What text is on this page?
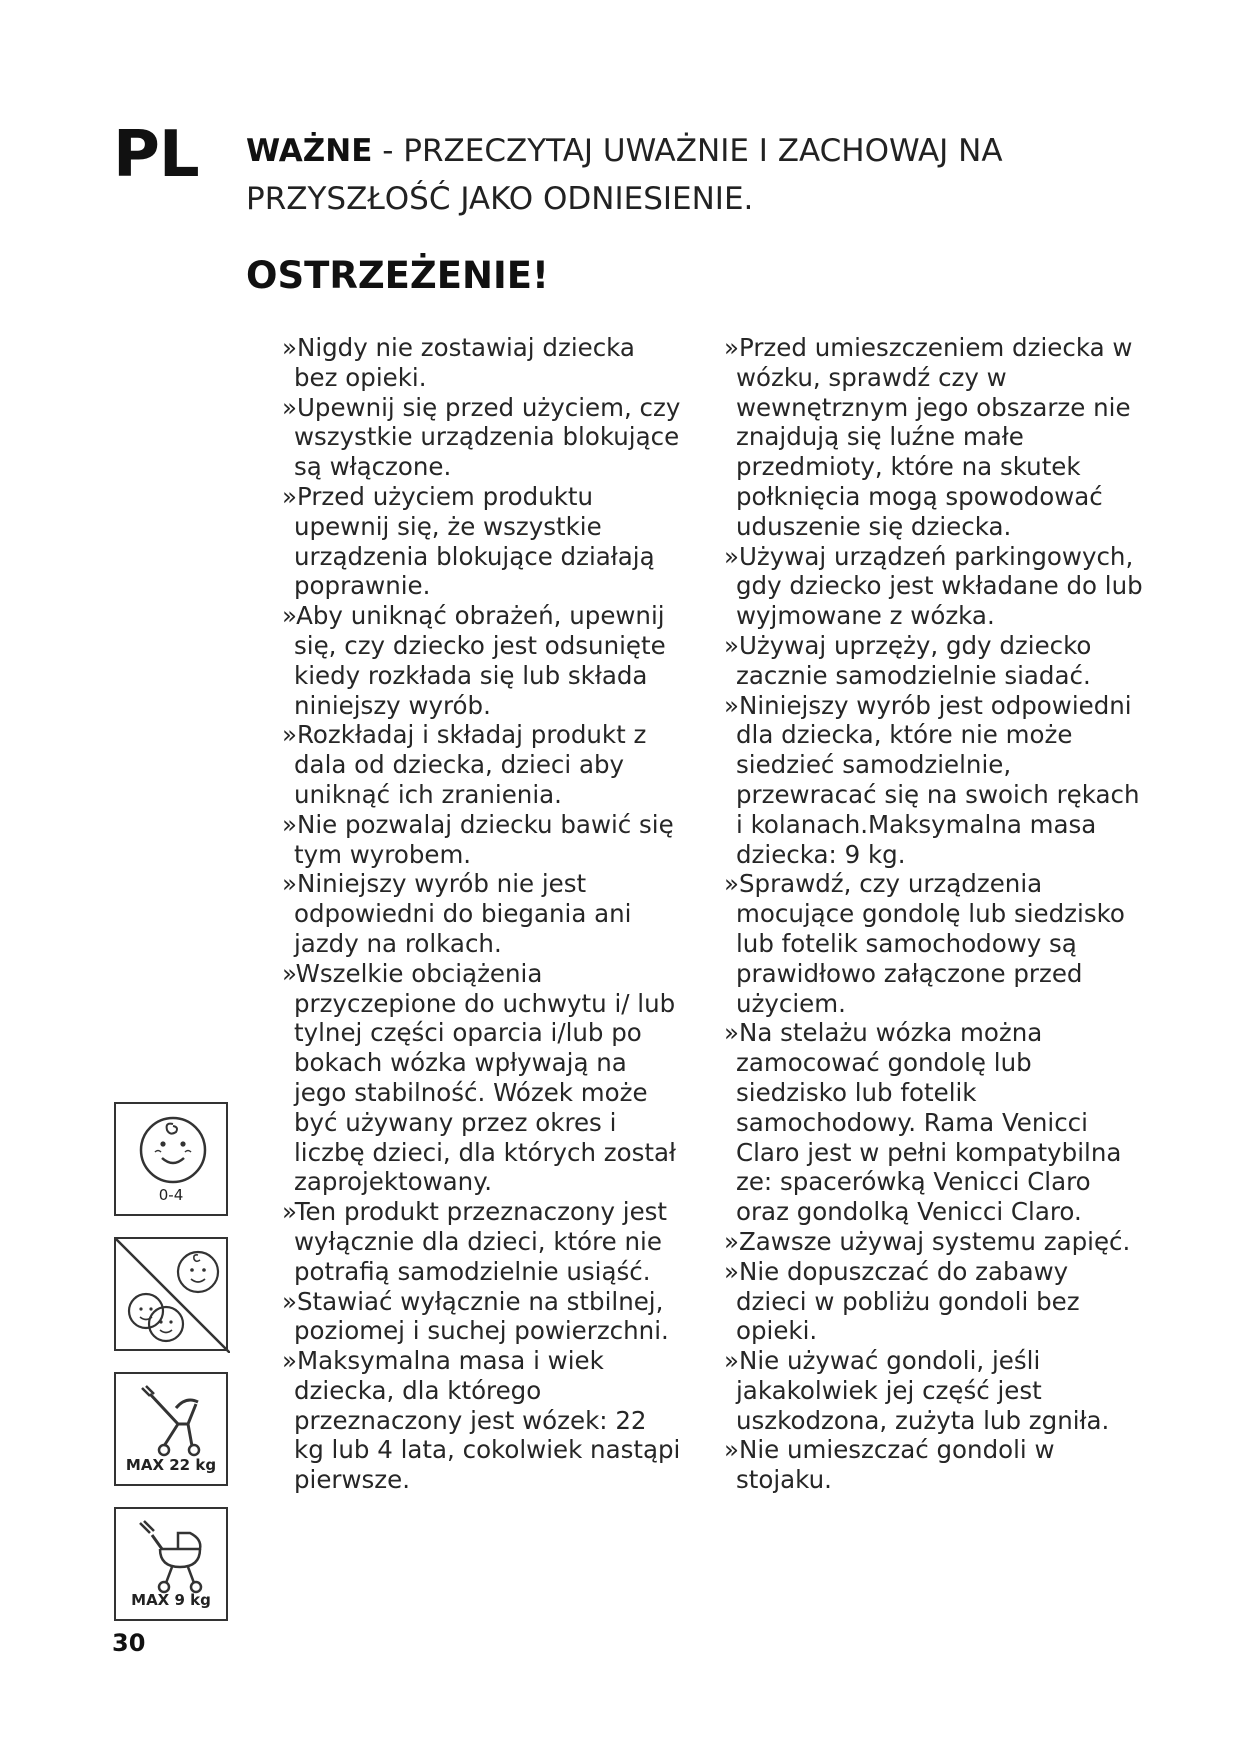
PL WAŻNE - PRZECZYTAJ UWAŻNIE I ZACHOWAJ NA PRZYSZŁOŚĆ JAKO ODNIESIENIE.
OSTRZEŻENIE!
» Nigdy nie zostawiaj dziecka bez opieki.
» Upewnij się przed użyciem, czy wszystkie urządzenia blokujące są włączone.
» Przed użyciem produktu upewnij się, że wszystkie urządzenia blokujące działają poprawnie.
» Aby uniknąć obrażeń, upewnij się, czy dziecko jest odsunięte kiedy rozkłada się lub składa niniejszy wyrób.
» Rozkładaj i składaj produkt z dala od dziecka, dzieci aby uniknąć ich zranienia.
» Nie pozwalaj dziecku bawić się tym wyrobem.
» Niniejszy wyrób nie jest odpowiedni do biegania ani jazdy na rolkach.
» Wszelkie obciążenia przyczepione do uchwytu i/ lub tylnej części oparcia i/lub po bokach wózka wpływają na jego stabilność. Wózek może być używany przez okres i liczbę dzieci, dla których został zaprojektowany.
» Ten produkt przeznaczony jest wyłącznie dla dzieci, które nie potrafią samodzielnie usiąść.
» Stawiać wyłącznie na stbilnej, poziomej i suchej powierzchni.
» Maksymalna masa i wiek dziecka, dla którego przeznaczony jest wózek: 22 kg lub 4 lata, cokolwiek nastąpi pierwsze.
» Przed umieszczeniem dziecka w wózku, sprawdź czy w wewnętrznym jego obszarze nie znajdują się luźne małe przedmioty, które na skutek połknięcia mogą spowodować uduszenie się dziecka.
» Używaj urządzeń parkingowych, gdy dziecko jest wkładane do lub wyjmowane z wózka.
» Używaj uprzęży, gdy dziecko zacznie samodzielnie siadać.
» Niniejszy wyrób jest odpowiedni dla dziecka, które nie może siedzieć samodzielnie, przewracać się na swoich rękach i kolanach.Maksymalna masa dziecka: 9 kg.
» Sprawdź, czy urządzenia mocujące gondolę lub siedzisko lub fotelik samochodowy są prawidłowo załączone przed użyciem.
» Na stelażu wózka można zamocować gondolę lub siedzisko lub fotelik samochodowy. Rama Venicci Claro jest w pełni kompatybilna ze: spacerówką Venicci Claro oraz gondolką Venicci Claro.
» Zawsze używaj systemu zapięć.
» Nie dopuszczać do zabawy dzieci w pobliżu gondoli bez opieki.
» Nie używać gondoli, jeśli jakakolwiek jej część jest uszkodzona, zużyta lub zgniła.
» Nie umieszczać gondoli w stojaku.
0-4
MAX 22 kg
MAX 9 kg
30
